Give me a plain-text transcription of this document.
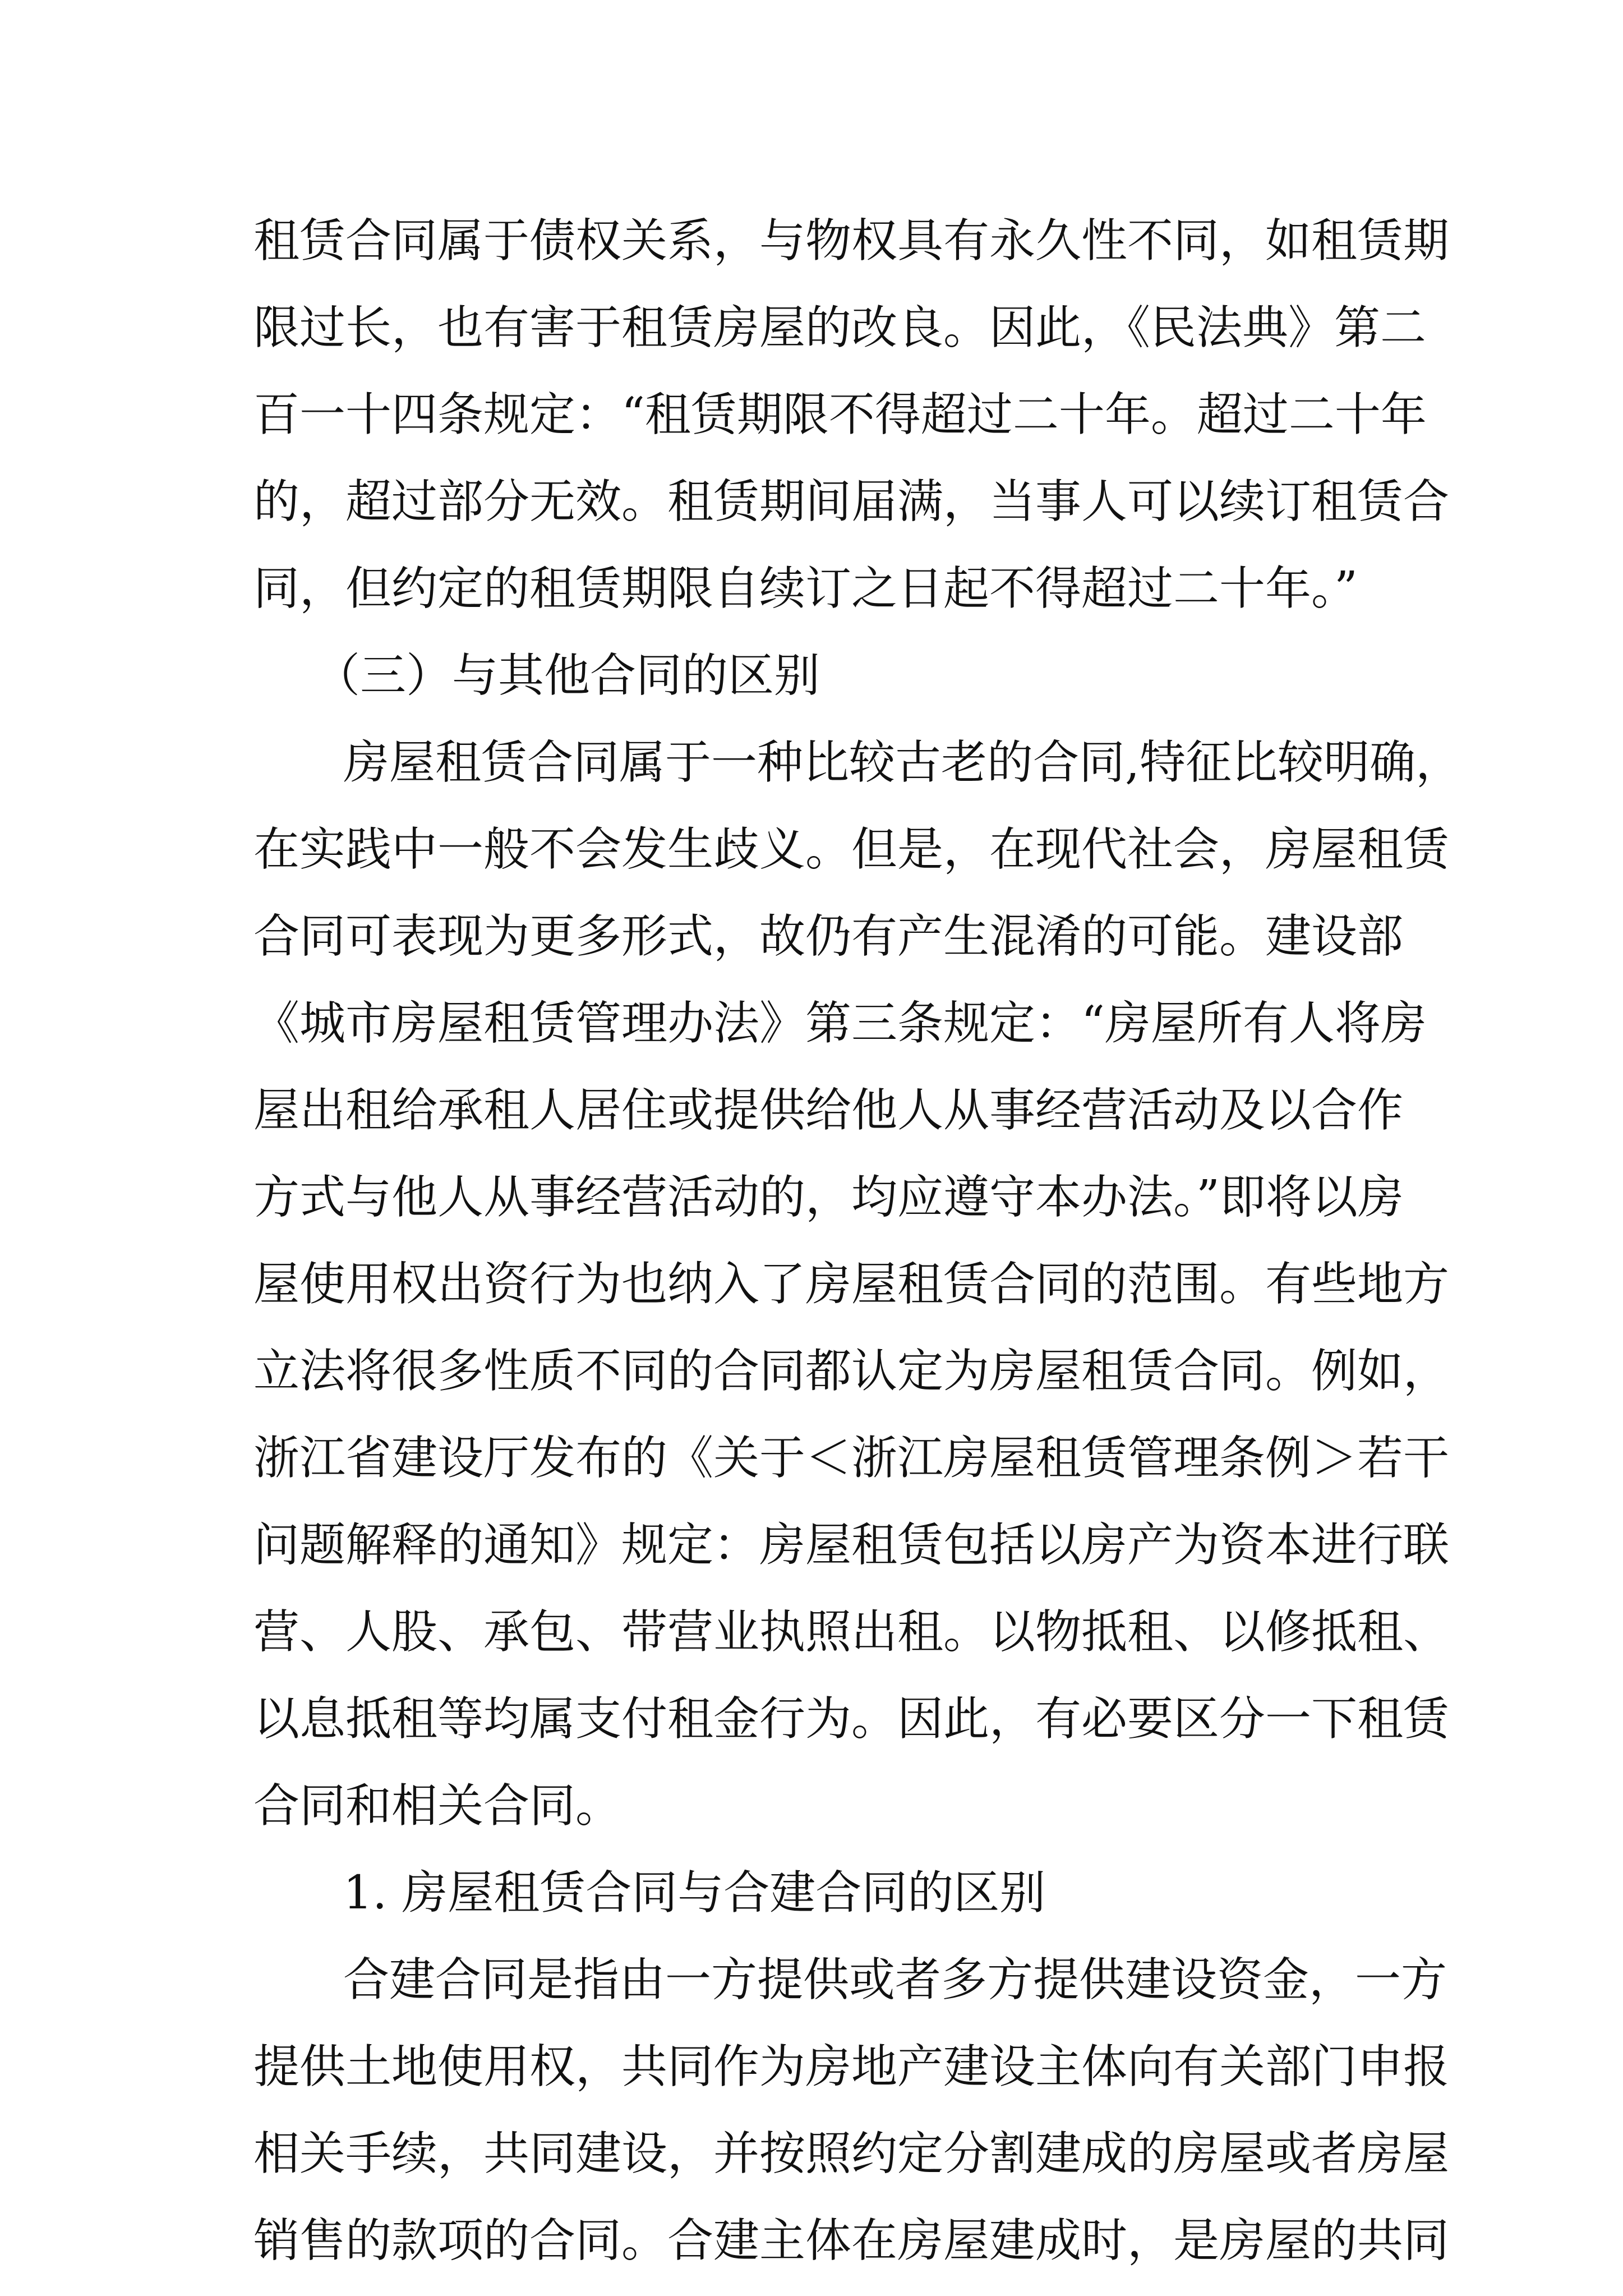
租赁合同属于债权关系，与物权具有永久性不同，如租赁期
限过长，也有害于租赁房屋的改良。因此，《民法典》第二
百一十四条规定：“租赁期限不得超过二十年。超过二十年
的，超过部分无效。租赁期间届满，当事人可以续订租赁合
同，但约定的租赁期限自续订之日起不得超过二十年。”
（三）与其他合同的区别
房屋租赁合同属于一种比较古老的合同,特征比较明确，
在实践中一般不会发生歧义。但是，在现代社会，房屋租赁
合同可表现为更多形式，故仍有产生混淆的可能。建设部
《城市房屋租赁管理办法》第三条规定：“房屋所有人将房
屋出租给承租人居住或提供给他人从事经营活动及以合作
方式与他人从事经营活动的，均应遵守本办法。”即将以房
屋使用权出资行为也纳入了房屋租赁合同的范围。有些地方
立法将很多性质不同的合同都认定为房屋租赁合同。例如，
浙江省建设厅发布的《关于＜浙江房屋租赁管理条例＞若干
问题解释的通知》规定：房屋租赁包括以房产为资本进行联
营、人股、承包、带营业执照出租。以物抵租、以修抵租、
以息抵租等均属支付租金行为。因此，有必要区分一下租赁
合同和相关合同。
1. 房屋租赁合同与合建合同的区别
合建合同是指由一方提供或者多方提供建设资金，一方
提供土地使用权，共同作为房地产建设主体向有关部门申报
相关手续，共同建设，并按照约定分割建成的房屋或者房屋
销售的款项的合同。合建主体在房屋建成时，是房屋的共同
